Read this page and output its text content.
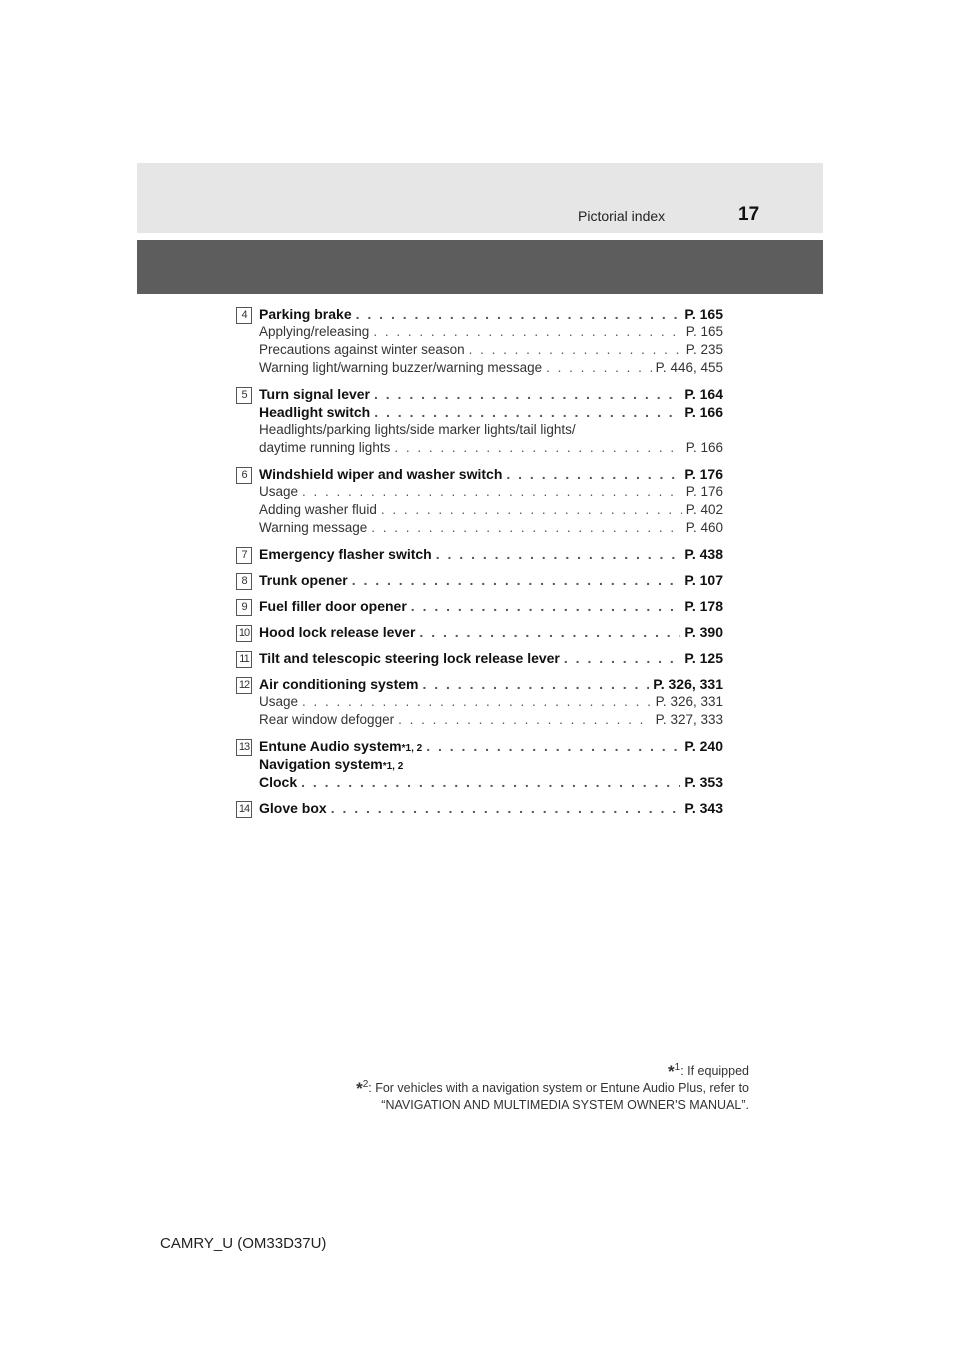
Pictorial index	17
4 Parking brake . . .	P. 165
Applying/releasing . . .	P. 165
Precautions against winter season . . .	P. 235
Warning light/warning buzzer/warning message . . .	P. 446, 455
5 Turn signal lever . . .	P. 164
Headlight switch . . .	P. 166
Headlights/parking lights/side marker lights/tail lights/
daytime running lights . . .	P. 166
6 Windshield wiper and washer switch . . .	P. 176
Usage . . .	P. 176
Adding washer fluid . . .	P. 402
Warning message . . .	P. 460
7 Emergency flasher switch . . .	P. 438
8 Trunk opener . . .	P. 107
9 Fuel filler door opener . . .	P. 178
10 Hood lock release lever . . .	P. 390
11 Tilt and telescopic steering lock release lever . . .	P. 125
12 Air conditioning system . . .	P. 326, 331
Usage . . .	P. 326, 331
Rear window defogger . . .	P. 327, 333
13 Entune Audio system *1, 2 . . .	P. 240
Navigation system *1, 2
Clock . . .	P. 353
14 Glove box . . .	P. 343
*$^1$: If equipped
*$^2$: For vehicles with a navigation system or Entune Audio Plus, refer to
“NAVIGATION AND MULTIMEDIA SYSTEM OWNER'S MANUAL”.
CAMRY_U (OM33D37U)
